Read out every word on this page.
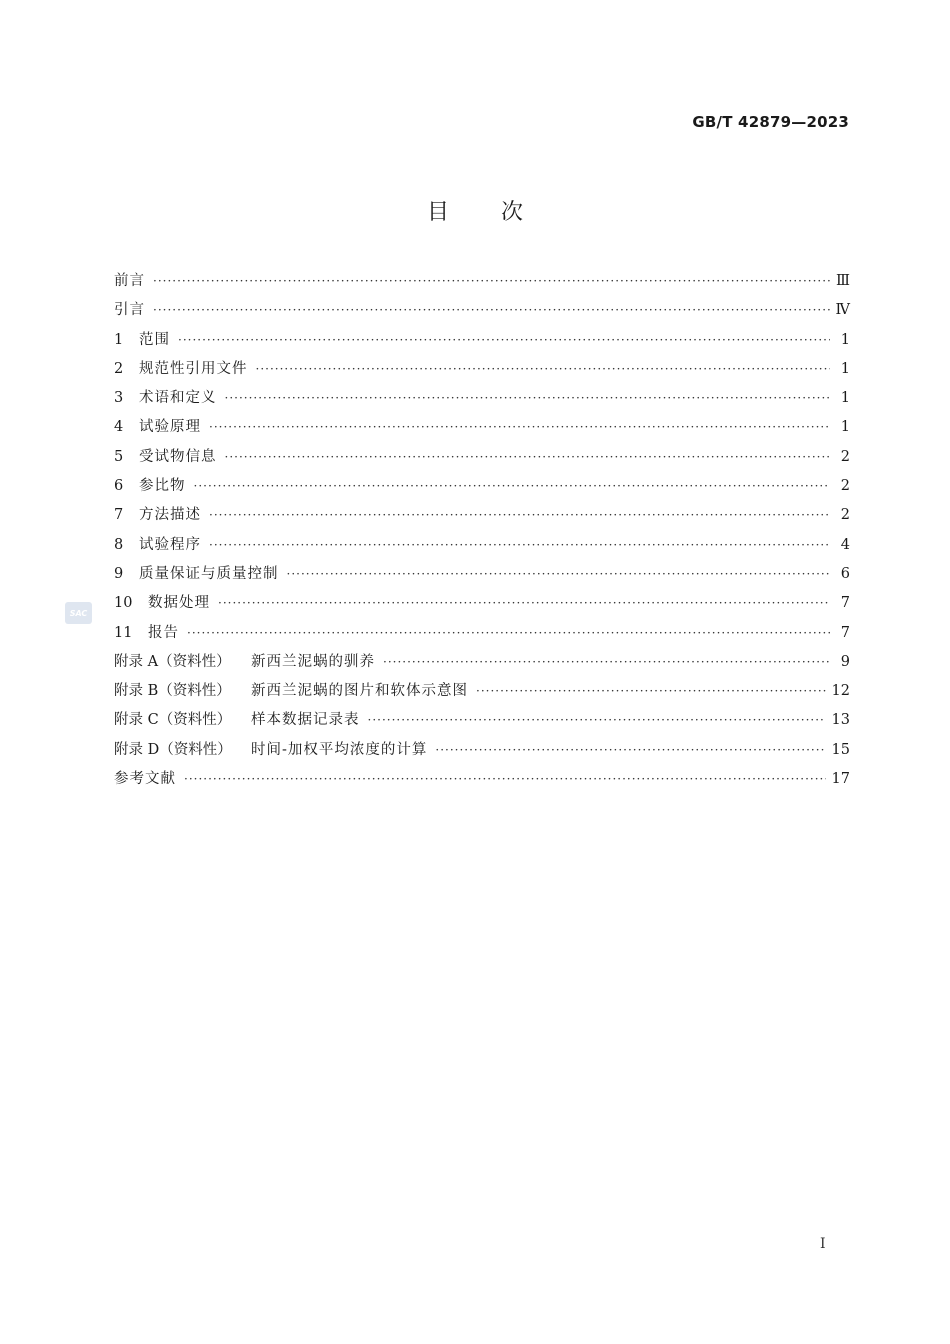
GB/T 42879—2023
目次
前言 ·····	Ⅲ
引言 ·····	Ⅳ
1	范围 ·····	1
2	规范性引用文件 ·····	1
3	术语和定义 ·····	1
4	试验原理 ·····	1
5	受试物信息 ·····	2
6	参比物 ·····	2
7	方法描述 ·····	2
8	试验程序 ·····	4
9	质量保证与质量控制 ·····	6
10	数据处理 ·····	7
11	报告 ·····	7
附录 A（资料性）	新西兰泥蜗的驯养 ·····	9
附录 B（资料性）	新西兰泥蜗的图片和软体示意图 ·····	12
附录 C（资料性）	样本数据记录表 ·····	13
附录 D（资料性）	时间-加权平均浓度的计算 ·····	15
参考文献 ·····	17
SAC
Ⅰ
